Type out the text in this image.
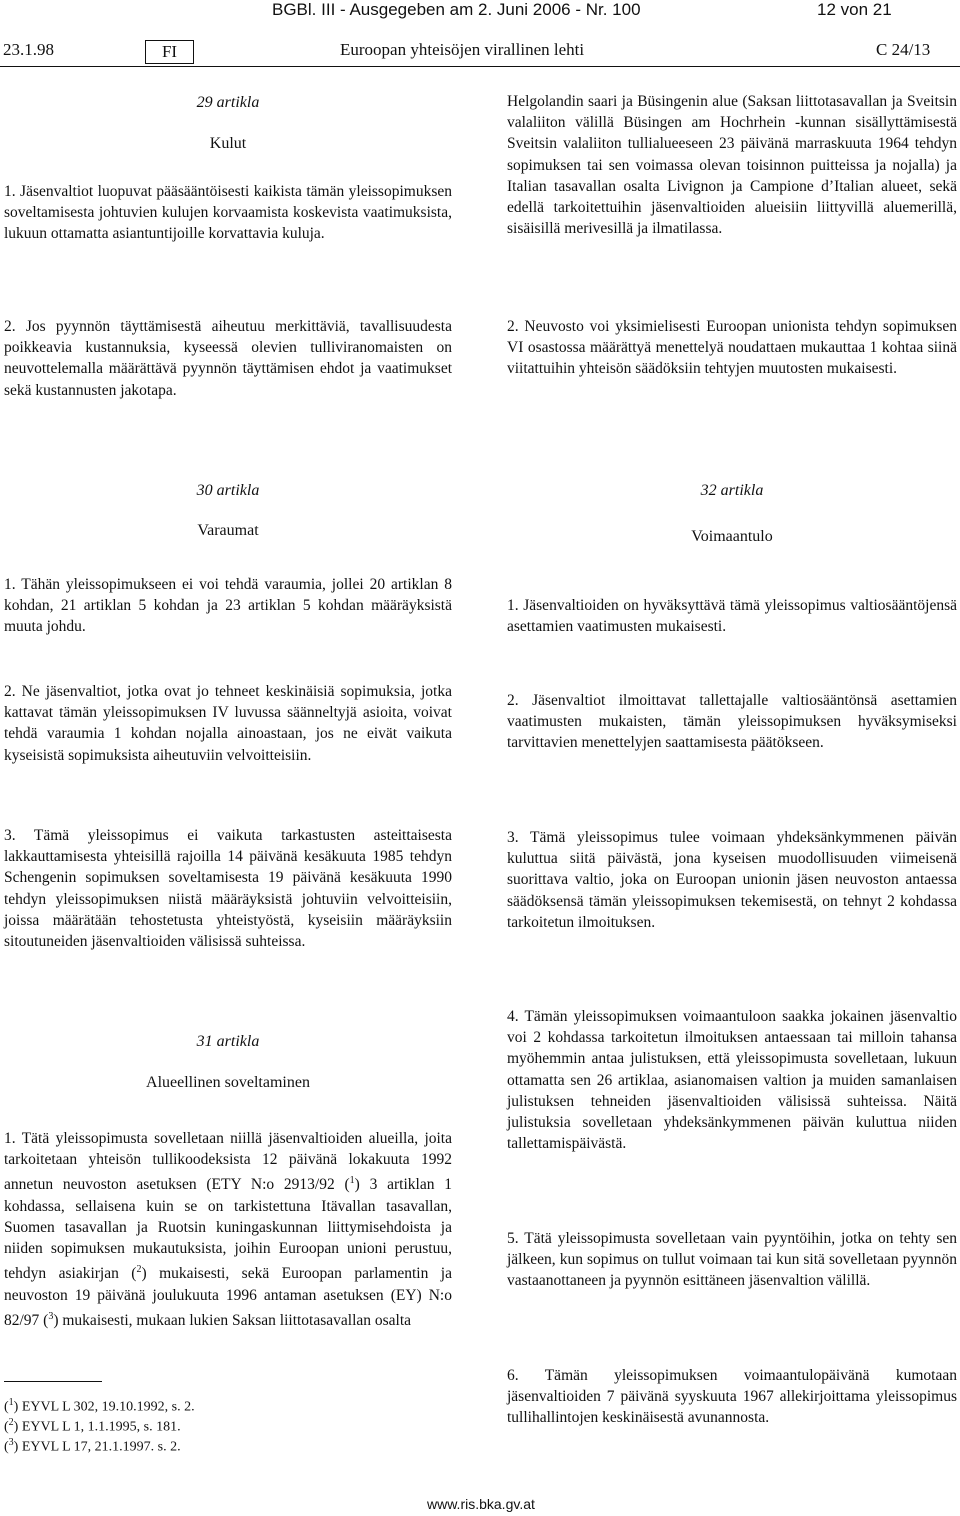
BGBl. III - Ausgegeben am 2. Juni 2006 - Nr. 100	12 von 21
23.1.98	FI	Euroopan yhteisöjen virallinen lehti	C 24/13
29 artikla
Kulut

1. Jäsenvaltiot luopuvat pääsääntöisesti kaikista tämän yleissopimuksen soveltamisesta johtuvien kulujen korvaamista koskevista vaatimuksista, lukuun ottamatta asiantuntijoille korvattavia kuluja.

2. Jos pyynnön täyttämisestä aiheutuu merkittäviä, tavallisuudesta poikkeavia kustannuksia, kyseessä olevien tulliviranomaisten on neuvottelemalla määrättävä pyynnön täyttämisen ehdot ja vaatimukset sekä kustannusten jakotapa.

30 artikla
Varaumat

1. Tähän yleissopimukseen ei voi tehdä varaumia, jollei 20 artiklan 8 kohdan, 21 artiklan 5 kohdan ja 23 artiklan 5 kohdan määräyksistä muuta johdu.

2. Ne jäsenvaltiot, jotka ovat jo tehneet keskinäisiä sopimuksia, jotka kattavat tämän yleissopimuksen IV luvussa säänneltyjä asioita, voivat tehdä varaumia 1 kohdan nojalla ainoastaan, jos ne eivät vaikuta kyseisistä sopimuksista aiheutuviin velvoitteisiin.

3. Tämä yleissopimus ei vaikuta tarkastusten asteittaisesta lakkauttamisesta yhteisillä rajoilla 14 päivänä kesäkuuta 1985 tehdyn Schengenin sopimuksen soveltamisesta 19 päivänä kesäkuuta 1990 tehdyn yleissopimuksen niistä määräyksistä johtuviin velvoitteisiin, joissa määrätään tehostetusta yhteistyöstä, kyseisiin määräyksiin sitoutuneiden jäsenvaltioiden välisissä suhteissa.

31 artikla
Alueellinen soveltaminen

1. Tätä yleissopimusta sovelletaan niillä jäsenvaltioiden alueilla, joita tarkoitetaan yhteisön tullikoodeksista 12 päivänä lokakuuta 1992 annetun neuvoston asetuksen (ETY N:o 2913/92 ($^1$) 3 artiklan 1 kohdassa, sellaisena kuin se on tarkistettuna Itävallan tasavallan, Suomen tasavallan ja Ruotsin kuningaskunnan liittymisehdoista ja niiden sopimuksen mukautuksista, joihin Euroopan unioni perustuu, tehdyn asiakirjan ($^2$) mukaisesti, sekä Euroopan parlamentin ja neuvoston 19 päivänä joulukuuta 1996 antaman asetuksen (EY) N:o 82/97 ($^3$) mukaisesti, mukaan lukien Saksan liittotasavallan osalta

($^1$) EYVL L 302, 19.10.1992, s. 2.
($^2$) EYVL L 1, 1.1.1995, s. 181.
($^3$) EYVL L 17, 21.1.1997. s. 2.

Helgolandin saari ja Büsingenin alue (Saksan liittotasavallan ja Sveitsin valaliiton välillä Büsingen am Hochrhein -kunnan sisällyttämisestä Sveitsin valaliiton tullialueeseen 23 päivänä marraskuuta 1964 tehdyn sopimuksen tai sen voimassa olevan toisinnon puitteissa ja nojalla) ja Italian tasavallan osalta Livignon ja Campione d’Italian alueet, sekä edellä tarkoitettuihin jäsenvaltioiden alueisiin liittyvillä aluemerillä, sisäisillä merivesillä ja ilmatilassa.

2. Neuvosto voi yksimielisesti Euroopan unionista tehdyn sopimuksen VI osastossa määrättyä menettelyä noudattaen mukauttaa 1 kohtaa siinä viitattuihin yhteisön säädöksiin tehtyjen muutosten mukaisesti.

32 artikla
Voimaantulo

1. Jäsenvaltioiden on hyväksyttävä tämä yleissopimus valtiosääntöjensä asettamien vaatimusten mukaisesti.

2. Jäsenvaltiot ilmoittavat tallettajalle valtiosääntönsä asettamien vaatimusten mukaisten, tämän yleissopimuksen hyväksymiseksi tarvittavien menettelyjen saattamisesta päätökseen.

3. Tämä yleissopimus tulee voimaan yhdeksänkymmenen päivän kuluttua siitä päivästä, jona kyseisen muodollisuuden viimeisenä suorittava valtio, joka on Euroopan unionin jäsen neuvoston antaessa säädöksensä tämän yleissopimuksen tekemisestä, on tehnyt 2 kohdassa tarkoitetun ilmoituksen.

4. Tämän yleissopimuksen voimaantuloon saakka jokainen jäsenvaltio voi 2 kohdassa tarkoitetun ilmoituksen antaessaan tai milloin tahansa myöhemmin antaa julistuksen, että yleissopimusta sovelletaan, lukuun ottamatta sen 26 artiklaa, asianomaisen valtion ja muiden samanlaisen julistuksen tehneiden jäsenvaltioiden välisissä suhteissa. Näitä julistuksia sovelletaan yhdeksänkymmenen päivän kuluttua niiden tallettamispäivästä.

5. Tätä yleissopimusta sovelletaan vain pyyntöihin, jotka on tehty sen jälkeen, kun sopimus on tullut voimaan tai kun sitä sovelletaan pyynnön vastaanottaneen ja pyynnön esittäneen jäsenvaltion välillä.

6. Tämän yleissopimuksen voimaantulopäivänä kumotaan jäsenvaltioiden 7 päivänä syyskuuta 1967 allekirjoittama yleissopimus tullihallintojen keskinäisestä avunannosta.

www.ris.bka.gv.at
